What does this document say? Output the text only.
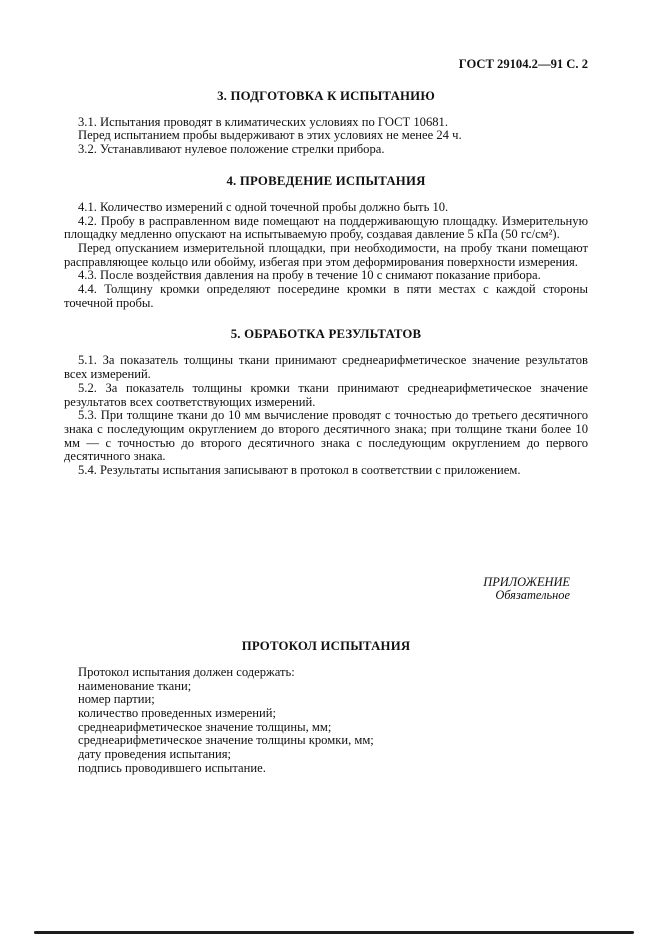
ГОСТ 29104.2—91 С. 2
3. ПОДГОТОВКА К ИСПЫТАНИЮ

3.1. Испытания проводят в климатических условиях по ГОСТ 10681.

Перед испытанием пробы выдерживают в этих условиях не менее 24 ч.

3.2. Устанавливают нулевое положение стрелки прибора.

4. ПРОВЕДЕНИЕ ИСПЫТАНИЯ

4.1. Количество измерений с одной точечной пробы должно быть 10.

4.2. Пробу в расправленном виде помещают на поддерживающую площадку. Измерительную площадку медленно опускают на испытываемую пробу, создавая давление 5 кПа (50 гс/см²).

Перед опусканием измерительной площадки, при необходимости, на пробу ткани помещают расправляющее кольцо или обойму, избегая при этом деформирования поверхности измерения.

4.3. После воздействия давления на пробу в течение 10 с снимают показание прибора.

4.4. Толщину кромки определяют посередине кромки в пяти местах с каждой стороны точечной пробы.

5. ОБРАБОТКА РЕЗУЛЬТАТОВ

5.1. За показатель толщины ткани принимают среднеарифметическое значение результатов всех измерений.

5.2. За показатель толщины кромки ткани принимают среднеарифметическое значение результатов всех соответствующих измерений.

5.3. При толщине ткани до 10 мм вычисление проводят с точностью до третьего десятичного знака с последующим округлением до второго десятичного знака; при толщине ткани более 10 мм — с точностью до второго десятичного знака с последующим округлением до первого десятичного знака.

5.4. Результаты испытания записывают в протокол в соответствии с приложением.

ПРИЛОЖЕНИЕ
Обязательное
ПРОТОКОЛ ИСПЫТАНИЯ

Протокол испытания должен содержать:

наименование ткани;

номер партии;

количество проведенных измерений;

среднеарифметическое значение толщины, мм;

среднеарифметическое значение толщины кромки, мм;

дату проведения испытания;

подпись проводившего испытание.
